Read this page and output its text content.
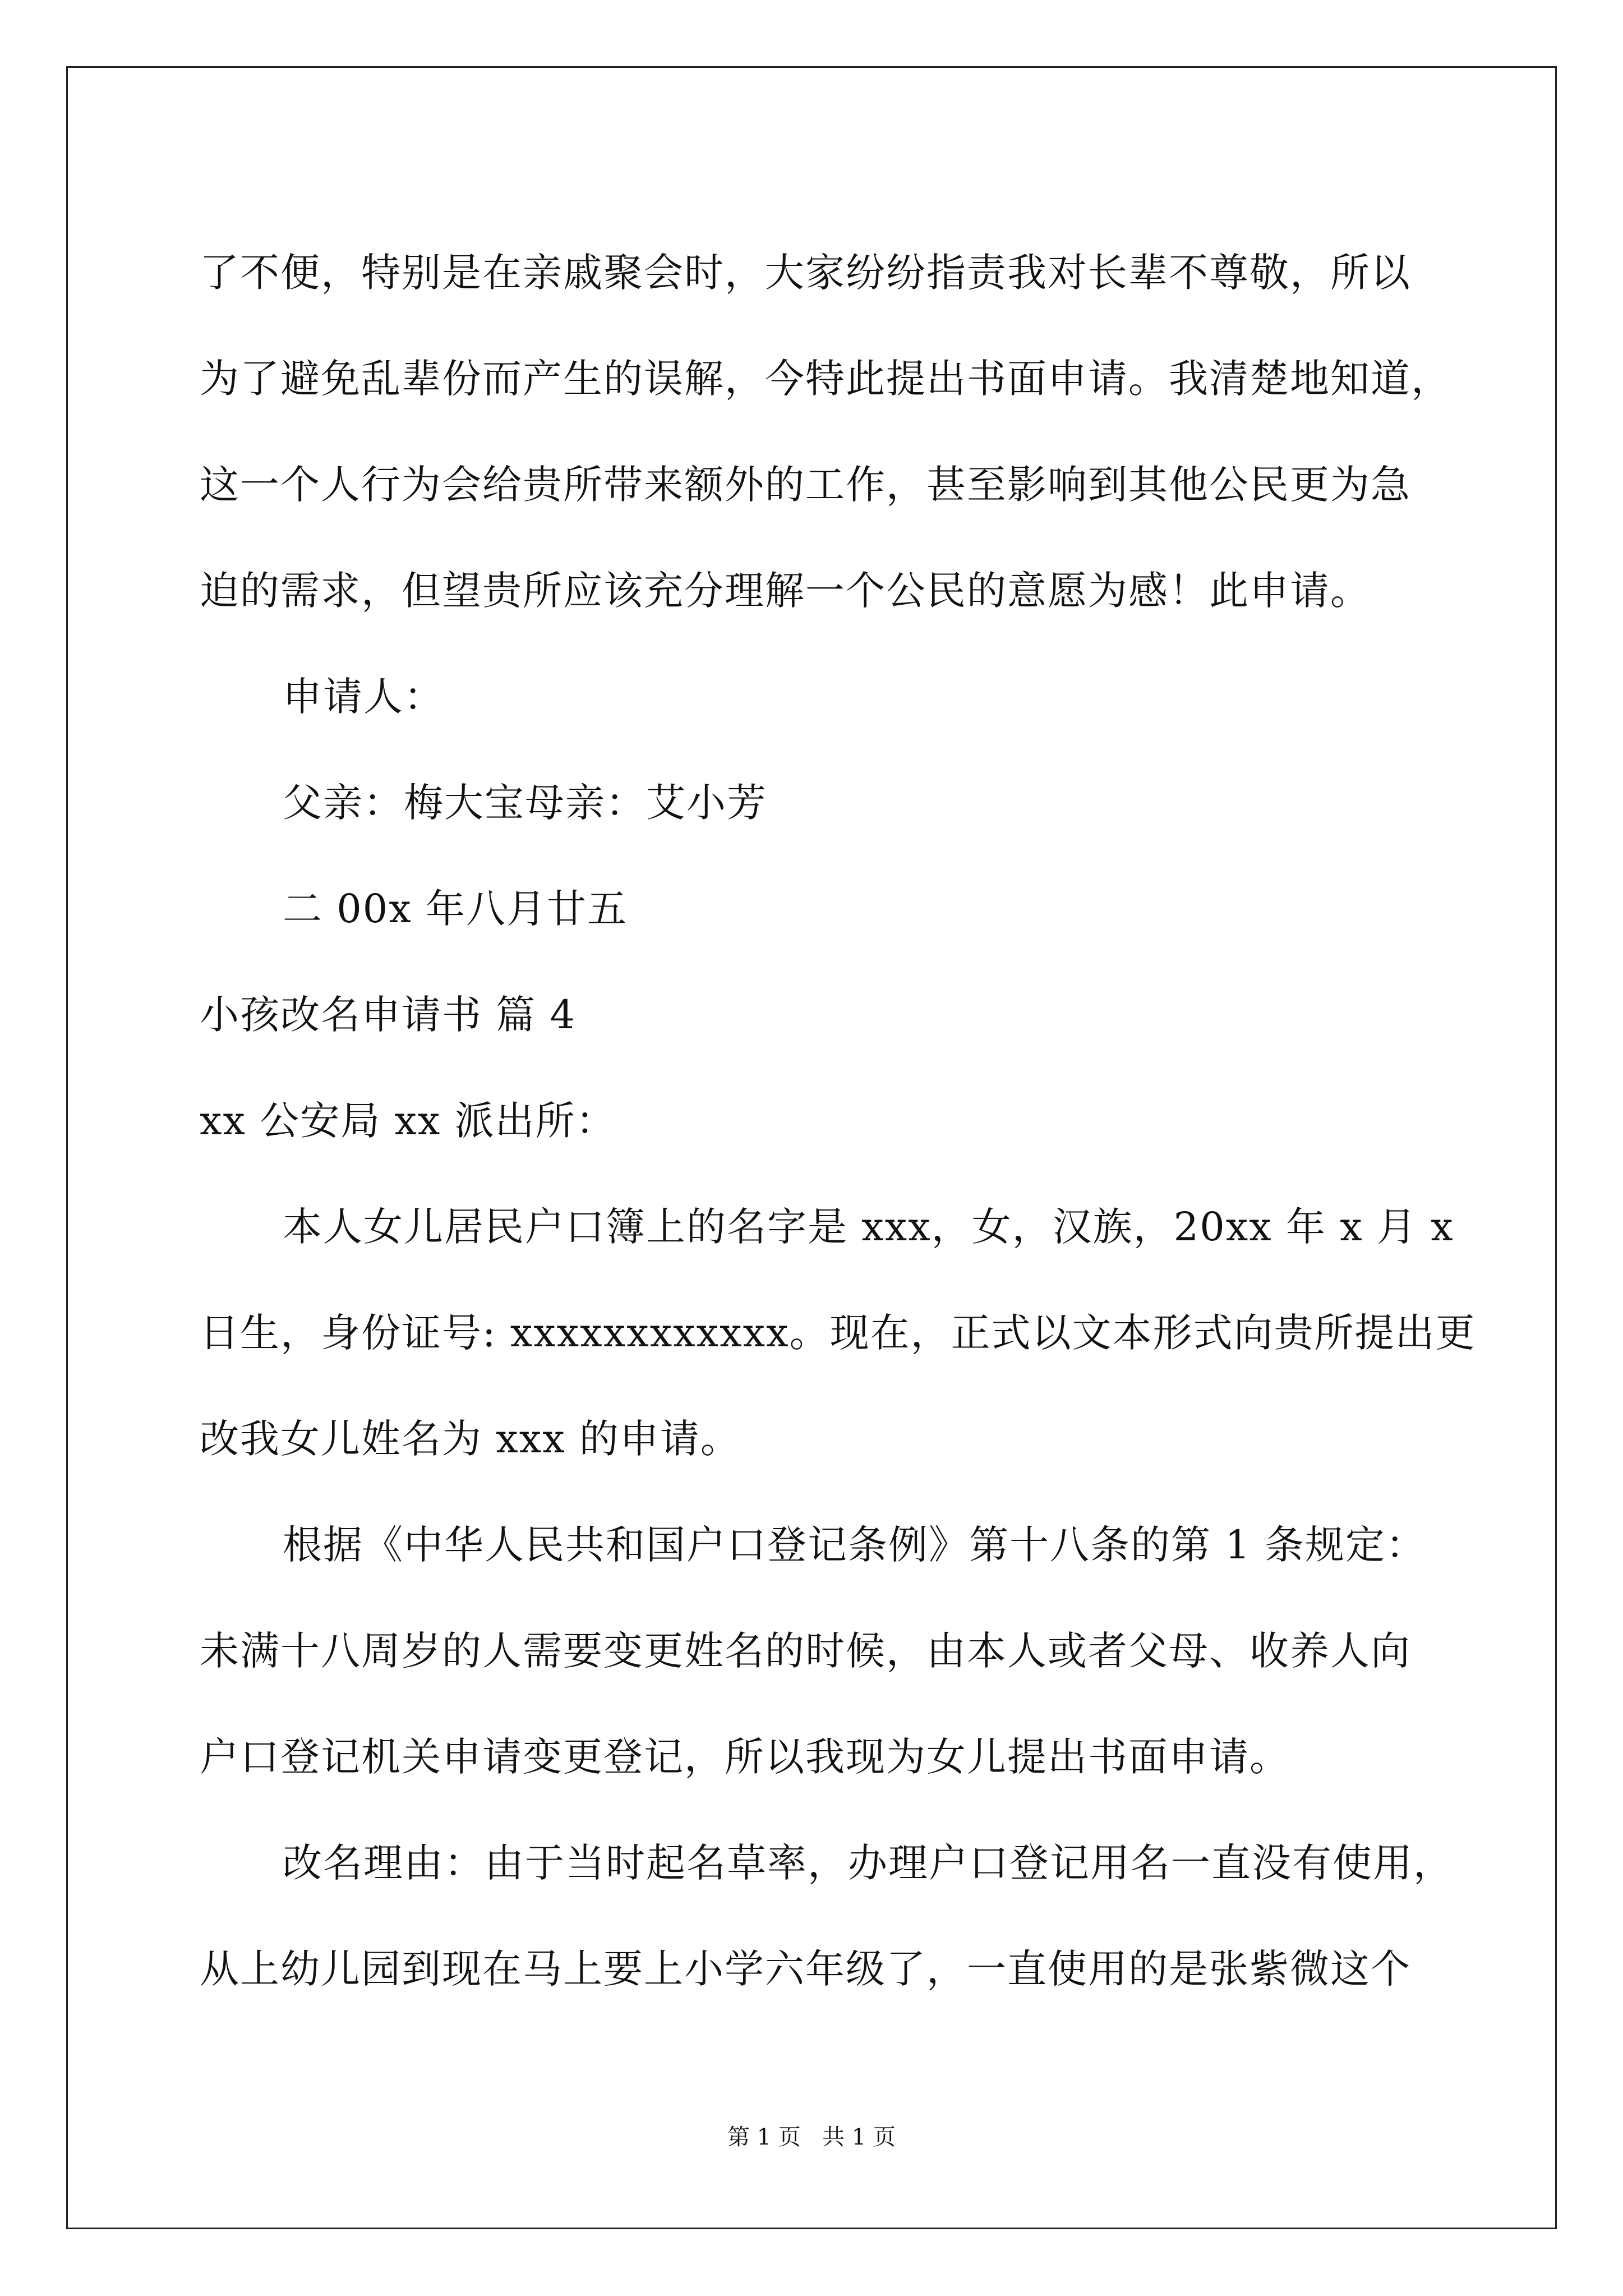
了不便，特别是在亲戚聚会时，大家纷纷指责我对长辈不尊敬，所以
为了避免乱辈份而产生的误解，今特此提出书面申请。我清楚地知道，
这一个人行为会给贵所带来额外的工作，甚至影响到其他公民更为急
迫的需求，但望贵所应该充分理解一个公民的意愿为感！此申请。
申请人：
父亲：梅大宝母亲：艾小芳
二 00x 年八月廿五
小孩改名申请书 篇 4
xx 公安局 xx 派出所：
本人女儿居民户口簿上的名字是 xxx，女，汉族，20xx 年 x 月 x
日生，身份证号: xxxxxxxxxxxx。现在，正式以文本形式向贵所提出更
改我女儿姓名为 xxx 的申请。
根据《中华人民共和国户口登记条例》第十八条的第 1 条规定：
未满十八周岁的人需要变更姓名的时候，由本人或者父母、收养人向
户口登记机关申请变更登记，所以我现为女儿提出书面申请。
改名理由：由于当时起名草率，办理户口登记用名一直没有使用，
从上幼儿园到现在马上要上小学六年级了，一直使用的是张紫微这个
第 1 页   共 1 页
